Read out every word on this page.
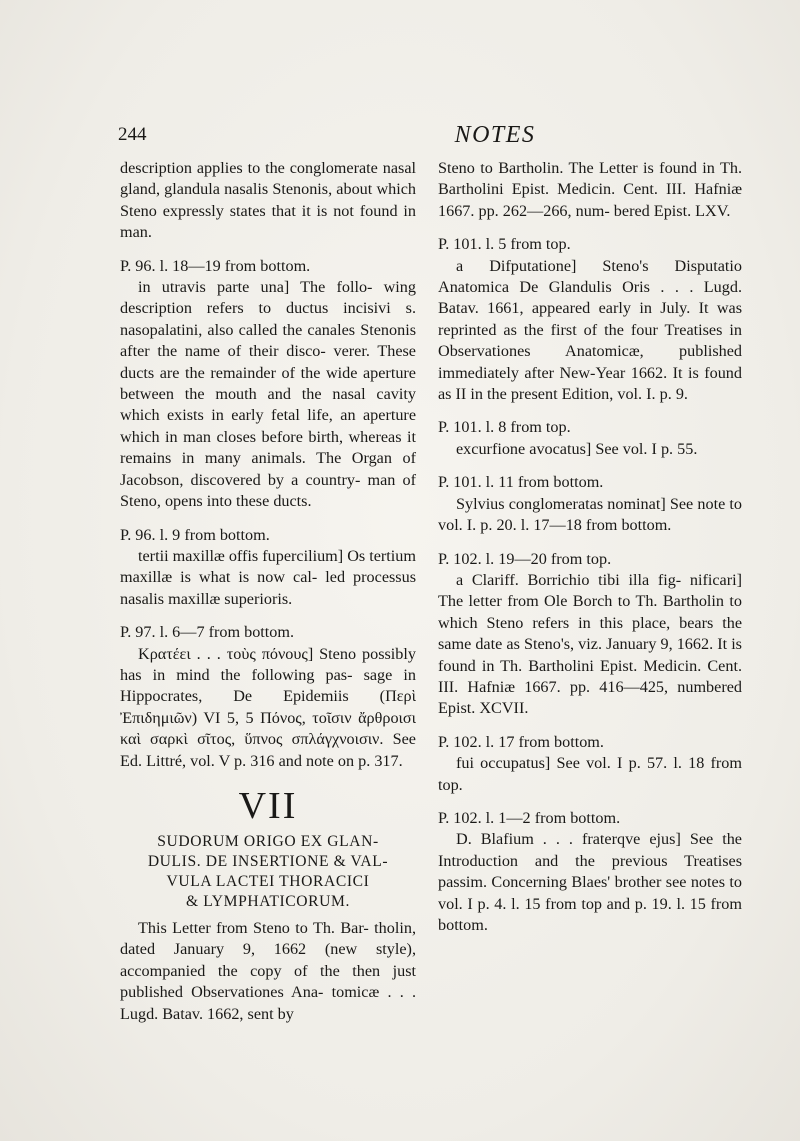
244	NOTES

description applies to the conglomerate nasal gland, glandula nasalis Stenonis, about which Steno expressly states that it is not found in man.

P. 96. l. 18—19 from bottom.

in utravis parte una] The follo- wing description refers to ductus incisivi s. nasopalatini, also called the canales Stenonis after the name of their disco- verer. These ducts are the remainder of the wide aperture between the mouth and the nasal cavity which exists in early fetal life, an aperture which in man closes before birth, whereas it remains in many animals. The Organ of Jacobson, discovered by a country- man of Steno, opens into these ducts.

P. 96. l. 9 from bottom.

tertii maxillæ offis fupercilium] Os tertium maxillæ is what is now cal- led processus nasalis maxillæ superioris.

P. 97. l. 6—7 from bottom.

Κρατέει . . . τοὺς πόνους] Steno possibly has in mind the following pas- sage in Hippocrates, De Epidemiis (Περὶ Ἐπιδημιῶν) VI 5, 5 Πόνος, τοῖσιν ἄρθροισι καὶ σαρκὶ σῖτος, ὕπνος σπλάγχνοισιν. See Ed. Littré, vol. V p. 316 and note on p. 317.

VII
SUDORUM ORIGO EX GLAN-
DULIS. DE INSERTIONE & VAL-
VULA LACTEI THORACICI
& LYMPHATICORUM.

This Letter from Steno to Th. Bar- tholin, dated January 9, 1662 (new style), accompanied the copy of the then just published Observationes Ana- tomicæ . . . Lugd. Batav. 1662, sent by

Steno to Bartholin. The Letter is found in Th. Bartholini Epist. Medicin. Cent. III. Hafniæ 1667. pp. 262—266, num- bered Epist. LXV.

P. 101. l. 5 from top.

a Difputatione] Steno's Disputatio Anatomica De Glandulis Oris . . . Lugd. Batav. 1661, appeared early in July. It was reprinted as the first of the four Treatises in Observationes Anatomicæ, published immediately after New-Year 1662. It is found as II in the present Edition, vol. I. p. 9.

P. 101. l. 8 from top.

excurfione avocatus] See vol. I p. 55.

P. 101. l. 11 from bottom.

Sylvius conglomeratas nominat] See note to vol. I. p. 20. l. 17—18 from bottom.

P. 102. l. 19—20 from top.

a Clariff. Borrichio tibi illa fig- nificari] The letter from Ole Borch to Th. Bartholin to which Steno refers in this place, bears the same date as Steno's, viz. January 9, 1662. It is found in Th. Bartholini Epist. Medicin. Cent. III. Hafniæ 1667. pp. 416—425, numbered Epist. XCVII.

P. 102. l. 17 from bottom.

fui occupatus] See vol. I p. 57. l. 18 from top.

P. 102. l. 1—2 from bottom.

D. Blafium . . . fraterqve ejus] See the Introduction and the previous Treatises passim. Concerning Blaes' brother see notes to vol. I p. 4. l. 15 from top and p. 19. l. 15 from bottom.
